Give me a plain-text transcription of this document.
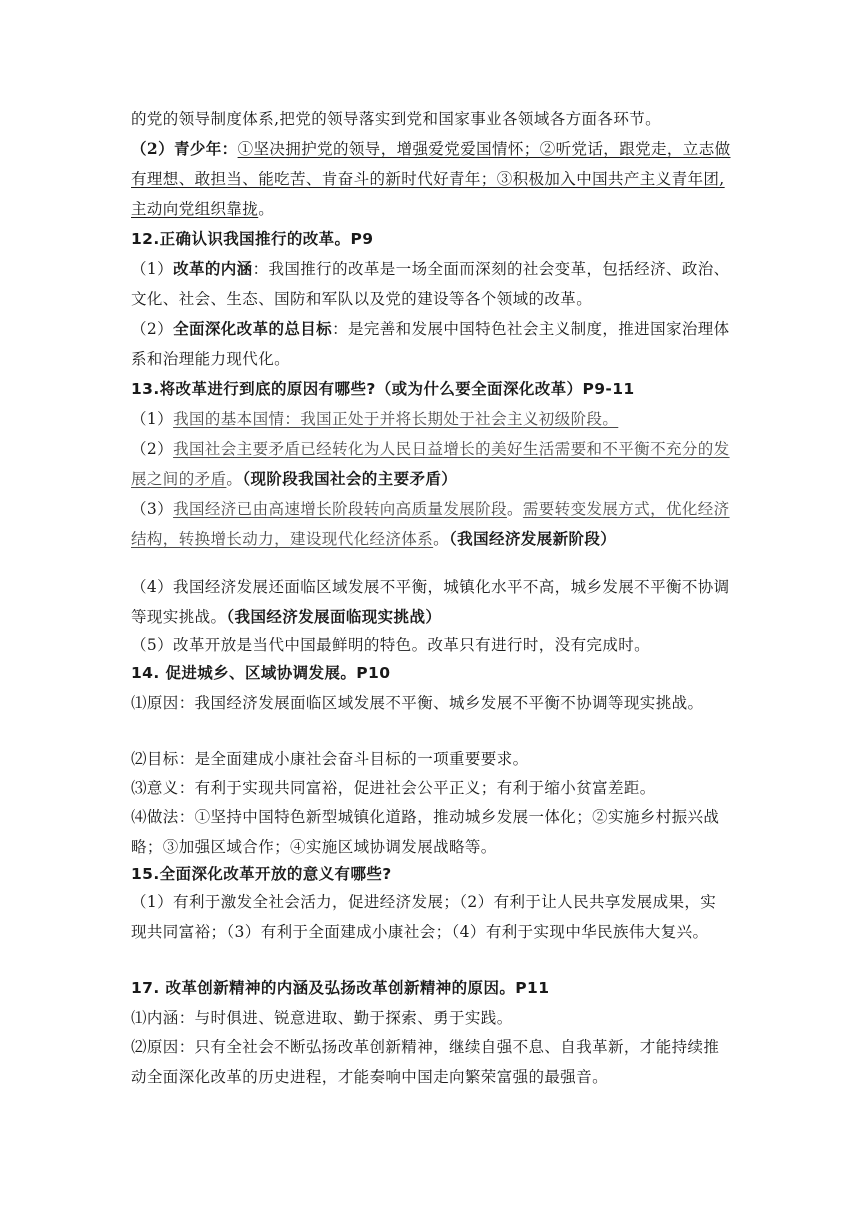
的党的领导制度体系,把党的领导落实到党和国家事业各领域各方面各环节。
（2）青少年：①坚决拥护党的领导，增强爱党爱国情怀；②听党话，跟党走，立志做有理想、敢担当、能吃苦、肯奋斗的新时代好青年；③积极加入中国共产主义青年团,主动向党组织靠拢。
12.正确认识我国推行的改革。P9
（1）改革的内涵：我国推行的改革是一场全面而深刻的社会变革，包括经济、政治、文化、社会、生态、国防和军队以及党的建设等各个领域的改革。
（2）全面深化改革的总目标：是完善和发展中国特色社会主义制度，推进国家治理体系和治理能力现代化。
13.将改革进行到底的原因有哪些?（或为什么要全面深化改革）P9-11
（1）我国的基本国情：我国正处于并将长期处于社会主义初级阶段。
（2）我国社会主要矛盾已经转化为人民日益增长的美好生活需要和不平衡不充分的发展之间的矛盾。（现阶段我国社会的主要矛盾）
（3）我国经济已由高速增长阶段转向高质量发展阶段。需要转变发展方式，优化经济结构，转换增长动力，建设现代化经济体系。（我国经济发展新阶段）
（4）我国经济发展还面临区域发展不平衡，城镇化水平不高，城乡发展不平衡不协调等现实挑战。（我国经济发展面临现实挑战）
（5）改革开放是当代中国最鲜明的特色。改革只有进行时，没有完成时。
14. 促进城乡、区域协调发展。P10
⑴原因：我国经济发展面临区域发展不平衡、城乡发展不平衡不协调等现实挑战。
⑵目标：是全面建成小康社会奋斗目标的一项重要要求。
⑶意义：有利于实现共同富裕，促进社会公平正义；有利于缩小贫富差距。
⑷做法：①坚持中国特色新型城镇化道路，推动城乡发展一体化；②实施乡村振兴战略；③加强区域合作；④实施区域协调发展战略等。
15.全面深化改革开放的意义有哪些?
（1）有利于激发全社会活力，促进经济发展；（2）有利于让人民共享发展成果，实现共同富裕；（3）有利于全面建成小康社会；（4）有利于实现中华民族伟大复兴。
17. 改革创新精神的内涵及弘扬改革创新精神的原因。P11
⑴内涵：与时俱进、锐意进取、勤于探索、勇于实践。
⑵原因：只有全社会不断弘扬改革创新精神，继续自强不息、自我革新，才能持续推动全面深化改革的历史进程，才能奏响中国走向繁荣富强的最强音。
